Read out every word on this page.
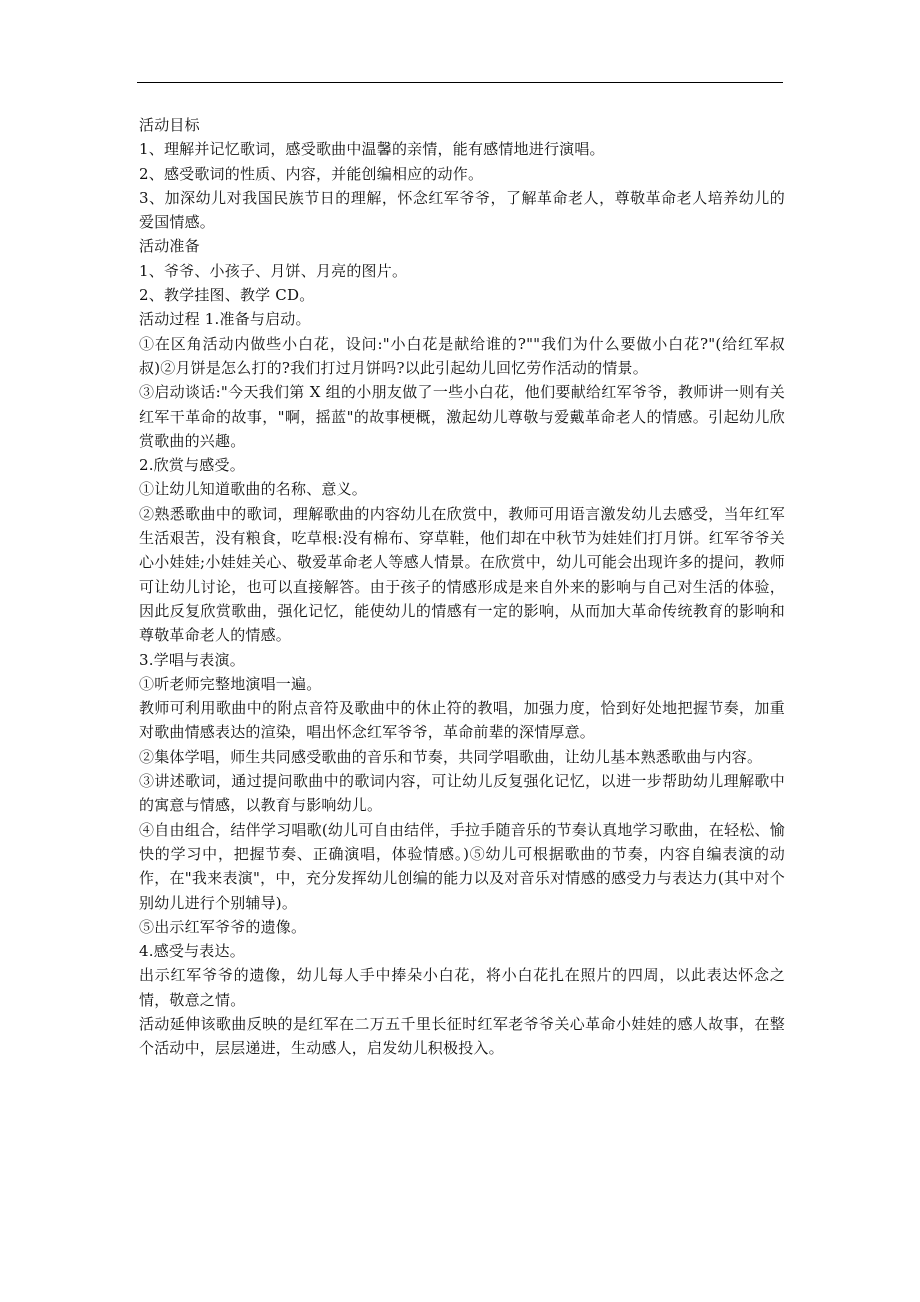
活动目标

1、理解并记忆歌词，感受歌曲中温馨的亲情，能有感情地进行演唱。

2、感受歌词的性质、内容，并能创编相应的动作。

3、加深幼儿对我国民族节日的理解，怀念红军爷爷，了解革命老人，尊敬革命老人培养幼儿的爱国情感。

活动准备

1、爷爷、小孩子、月饼、月亮的图片。

2、教学挂图、教学 CD。

活动过程 1.准备与启动。

①在区角活动内做些小白花，设问:"小白花是献给谁的?""我们为什么要做小白花?"(给红军叔叔)②月饼是怎么打的?我们打过月饼吗?以此引起幼儿回忆劳作活动的情景。

③启动谈话:"今天我们第 X 组的小朋友做了一些小白花，他们要献给红军爷爷，教师讲一则有关红军干革命的故事，"啊，摇蓝"的故事梗概，激起幼儿尊敬与爱戴革命老人的情感。引起幼儿欣赏歌曲的兴趣。

2.欣赏与感受。

①让幼儿知道歌曲的名称、意义。

②熟悉歌曲中的歌词，理解歌曲的内容幼儿在欣赏中，教师可用语言激发幼儿去感受，当年红军生活艰苦，没有粮食，吃草根:没有棉布、穿草鞋，他们却在中秋节为娃娃们打月饼。红军爷爷关心小娃娃;小娃娃关心、敬爱革命老人等感人情景。在欣赏中，幼儿可能会出现许多的提问，教师可让幼儿讨论，也可以直接解答。由于孩子的情感形成是来自外来的影响与自己对生活的体验，因此反复欣赏歌曲，强化记忆，能使幼儿的情感有一定的影响，从而加大革命传统教育的影响和尊敬革命老人的情感。

3.学唱与表演。

①听老师完整地演唱一遍。

教师可利用歌曲中的附点音符及歌曲中的休止符的教唱，加强力度，恰到好处地把握节奏，加重对歌曲情感表达的渲染，唱出怀念红军爷爷，革命前辈的深情厚意。

②集体学唱，师生共同感受歌曲的音乐和节奏，共同学唱歌曲，让幼儿基本熟悉歌曲与内容。

③讲述歌词，通过提问歌曲中的歌词内容，可让幼儿反复强化记忆，以进一步帮助幼儿理解歌中的寓意与情感，以教育与影响幼儿。

④自由组合，结伴学习唱歌(幼儿可自由结伴，手拉手随音乐的节奏认真地学习歌曲，在轻松、愉快的学习中，把握节奏、正确演唱，体验情感。)⑤幼儿可根据歌曲的节奏，内容自编表演的动作，在"我来表演"，中，充分发挥幼儿创编的能力以及对音乐对情感的感受力与表达力(其中对个别幼儿进行个别辅导)。

⑤出示红军爷爷的遗像。

4.感受与表达。

出示红军爷爷的遗像，幼儿每人手中捧朵小白花，将小白花扎在照片的四周，以此表达怀念之情，敬意之情。

活动延伸该歌曲反映的是红军在二万五千里长征时红军老爷爷关心革命小娃娃的感人故事，在整个活动中，层层递进，生动感人，启发幼儿积极投入。
